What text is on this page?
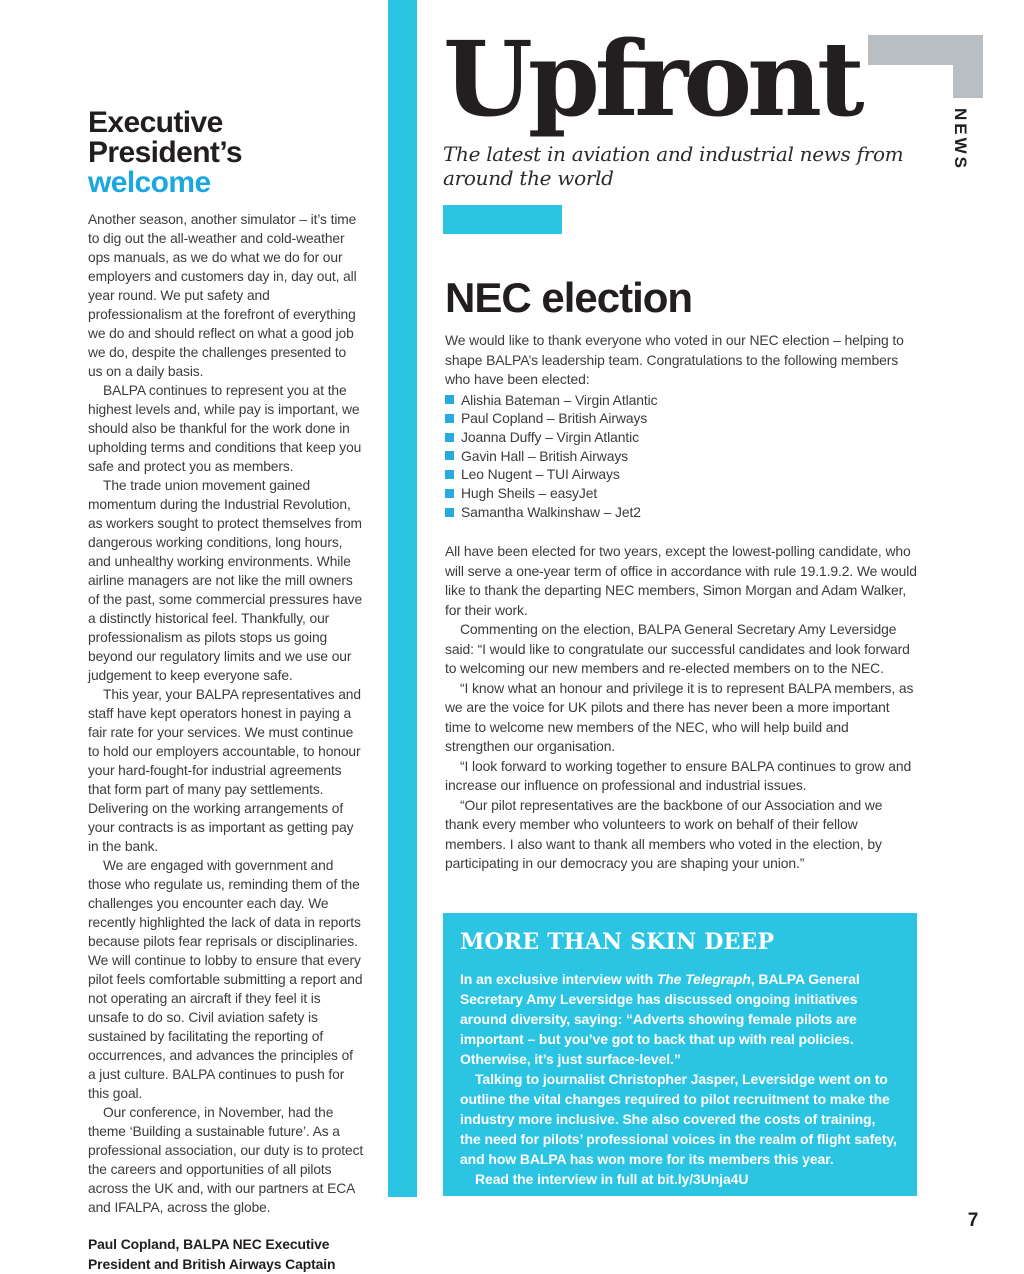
Executive
President’s
welcome

Another season, another simulator – it’s time to dig out the all-weather and cold-weather ops manuals, as we do what we do for our employers and customers day in, day out, all year round. We put safety and professionalism at the forefront of everything we do and should reflect on what a good job we do, despite the challenges presented to us on a daily basis.

BALPA continues to represent you at the highest levels and, while pay is important, we should also be thankful for the work done in upholding terms and conditions that keep you safe and protect you as members.

The trade union movement gained momentum during the Industrial Revolution, as workers sought to protect themselves from dangerous working conditions, long hours, and unhealthy working environments. While airline managers are not like the mill owners of the past, some commercial pressures have a distinctly historical feel. Thankfully, our professionalism as pilots stops us going beyond our regulatory limits and we use our judgement to keep everyone safe.

This year, your BALPA representatives and staff have kept operators honest in paying a fair rate for your services. We must continue to hold our employers accountable, to honour your hard-fought-for industrial agreements that form part of many pay settlements. Delivering on the working arrangements of your contracts is as important as getting pay in the bank.

We are engaged with government and those who regulate us, reminding them of the challenges you encounter each day. We recently highlighted the lack of data in reports because pilots fear reprisals or disciplinaries. We will continue to lobby to ensure that every pilot feels comfortable submitting a report and not operating an aircraft if they feel it is unsafe to do so. Civil aviation safety is sustained by facilitating the reporting of occurrences, and advances the principles of a just culture. BALPA continues to push for this goal.

Our conference, in November, had the theme ‘Building a sustainable future’. As a professional association, our duty is to protect the careers and opportunities of all pilots across the UK and, with our partners at ECA and IFALPA, across the globe.

Paul Copland, BALPA NEC Executive President and British Airways Captain

Upfront
The latest in aviation and industrial news from around the world
NEWS
NEC election

We would like to thank everyone who voted in our NEC election – helping to shape BALPA’s leadership team. Congratulations to the following members who have been elected:

Alishia Bateman – Virgin Atlantic
Paul Copland – British Airways
Joanna Duffy – Virgin Atlantic
Gavin Hall – British Airways
Leo Nugent – TUI Airways
Hugh Sheils – easyJet
Samantha Walkinshaw – Jet2

All have been elected for two years, except the lowest-polling candidate, who will serve a one-year term of office in accordance with rule 19.1.9.2. We would like to thank the departing NEC members, Simon Morgan and Adam Walker, for their work.

Commenting on the election, BALPA General Secretary Amy Leversidge said: “I would like to congratulate our successful candidates and look forward to welcoming our new members and re-elected members on to the NEC.

“I know what an honour and privilege it is to represent BALPA members, as we are the voice for UK pilots and there has never been a more important time to welcome new members of the NEC, who will help build and strengthen our organisation.

“I look forward to working together to ensure BALPA continues to grow and increase our influence on professional and industrial issues.

“Our pilot representatives are the backbone of our Association and we thank every member who volunteers to work on behalf of their fellow members. I also want to thank all members who voted in the election, by participating in our democracy you are shaping your union.”

MORE THAN SKIN DEEP

In an exclusive interview with The Telegraph, BALPA General Secretary Amy Leversidge has discussed ongoing initiatives around diversity, saying: “Adverts showing female pilots are important – but you’ve got to back that up with real policies. Otherwise, it’s just surface-level.”

Talking to journalist Christopher Jasper, Leversidge went on to outline the vital changes required to pilot recruitment to make the industry more inclusive. She also covered the costs of training, the need for pilots’ professional voices in the realm of flight safety, and how BALPA has won more for its members this year.

Read the interview in full at bit.ly/3Unja4U

7
